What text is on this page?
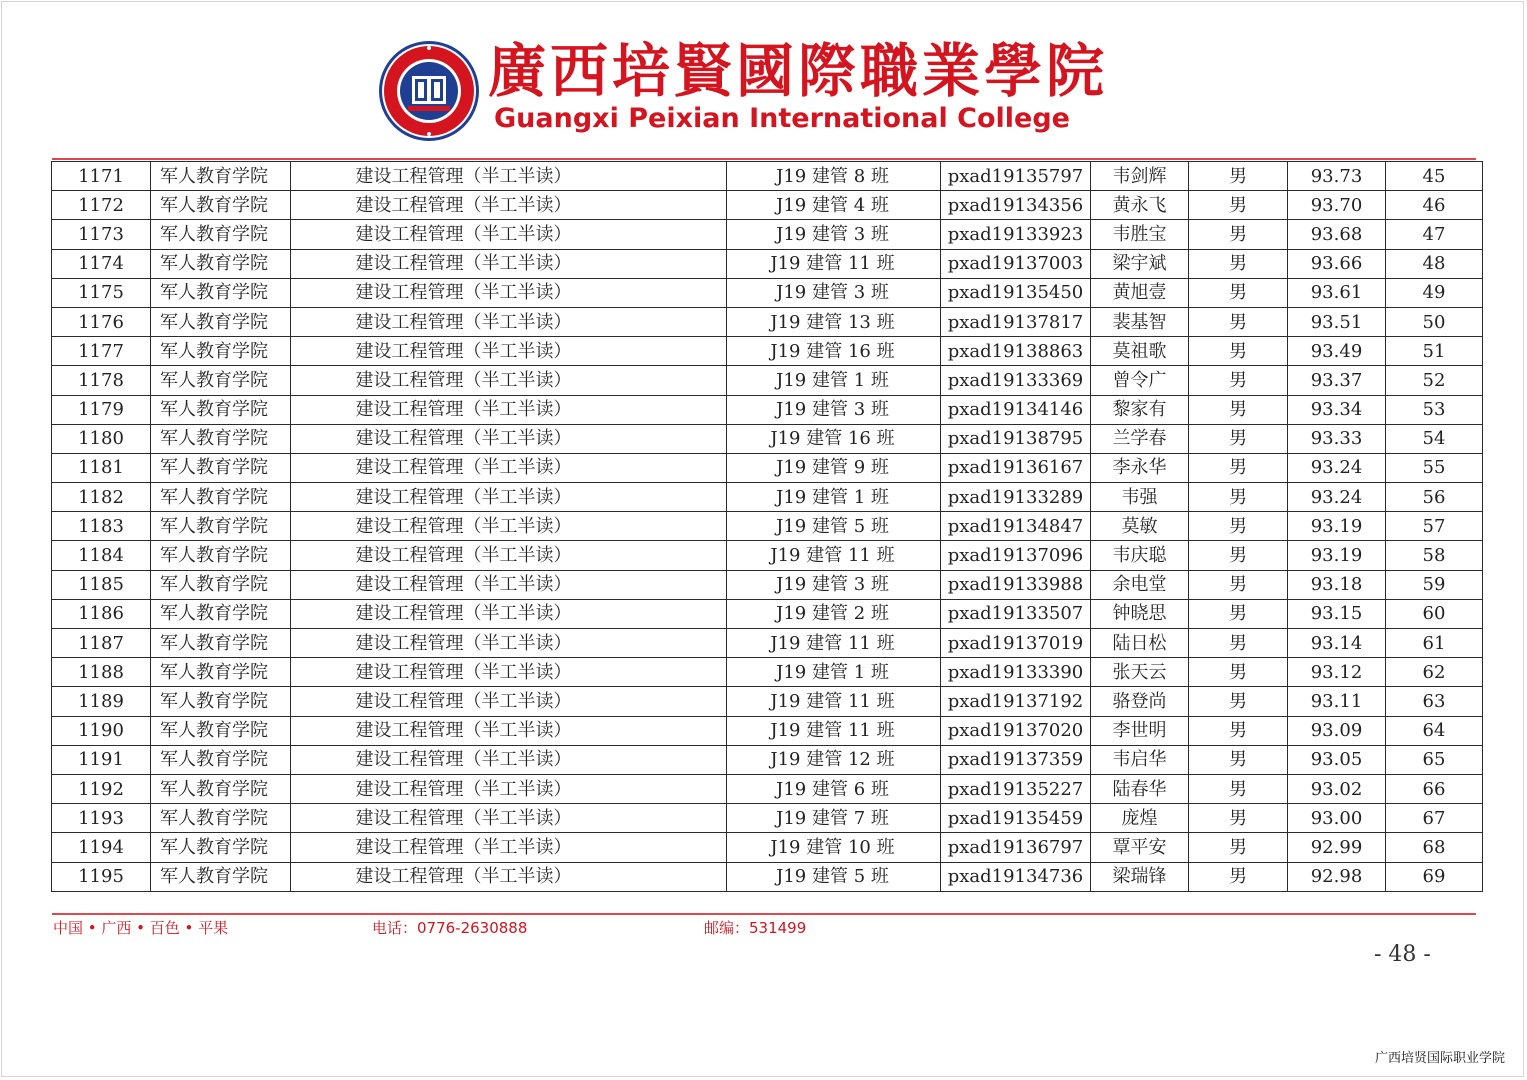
廣西培賢國際職業學院
Guangxi Peixian International College
1171	军人教育学院	建设工程管理（半工半读）	J19 建管 8 班	pxad19135797	韦剑辉	男	93.73	45
1172	军人教育学院	建设工程管理（半工半读）	J19 建管 4 班	pxad19134356	黄永飞	男	93.70	46
1173	军人教育学院	建设工程管理（半工半读）	J19 建管 3 班	pxad19133923	韦胜宝	男	93.68	47
1174	军人教育学院	建设工程管理（半工半读）	J19 建管 11 班	pxad19137003	梁宇斌	男	93.66	48
1175	军人教育学院	建设工程管理（半工半读）	J19 建管 3 班	pxad19135450	黄旭壹	男	93.61	49
1176	军人教育学院	建设工程管理（半工半读）	J19 建管 13 班	pxad19137817	裴基智	男	93.51	50
1177	军人教育学院	建设工程管理（半工半读）	J19 建管 16 班	pxad19138863	莫祖歌	男	93.49	51
1178	军人教育学院	建设工程管理（半工半读）	J19 建管 1 班	pxad19133369	曾令广	男	93.37	52
1179	军人教育学院	建设工程管理（半工半读）	J19 建管 3 班	pxad19134146	黎家有	男	93.34	53
1180	军人教育学院	建设工程管理（半工半读）	J19 建管 16 班	pxad19138795	兰学春	男	93.33	54
1181	军人教育学院	建设工程管理（半工半读）	J19 建管 9 班	pxad19136167	李永华	男	93.24	55
1182	军人教育学院	建设工程管理（半工半读）	J19 建管 1 班	pxad19133289	韦强	男	93.24	56
1183	军人教育学院	建设工程管理（半工半读）	J19 建管 5 班	pxad19134847	莫敏	男	93.19	57
1184	军人教育学院	建设工程管理（半工半读）	J19 建管 11 班	pxad19137096	韦庆聪	男	93.19	58
1185	军人教育学院	建设工程管理（半工半读）	J19 建管 3 班	pxad19133988	余电堂	男	93.18	59
1186	军人教育学院	建设工程管理（半工半读）	J19 建管 2 班	pxad19133507	钟晓思	男	93.15	60
1187	军人教育学院	建设工程管理（半工半读）	J19 建管 11 班	pxad19137019	陆日松	男	93.14	61
1188	军人教育学院	建设工程管理（半工半读）	J19 建管 1 班	pxad19133390	张天云	男	93.12	62
1189	军人教育学院	建设工程管理（半工半读）	J19 建管 11 班	pxad19137192	骆登尚	男	93.11	63
1190	军人教育学院	建设工程管理（半工半读）	J19 建管 11 班	pxad19137020	李世明	男	93.09	64
1191	军人教育学院	建设工程管理（半工半读）	J19 建管 12 班	pxad19137359	韦启华	男	93.05	65
1192	军人教育学院	建设工程管理（半工半读）	J19 建管 6 班	pxad19135227	陆春华	男	93.02	66
1193	军人教育学院	建设工程管理（半工半读）	J19 建管 7 班	pxad19135459	庞煌	男	93.00	67
1194	军人教育学院	建设工程管理（半工半读）	J19 建管 10 班	pxad19136797	覃平安	男	92.99	68
1195	军人教育学院	建设工程管理（半工半读）	J19 建管 5 班	pxad19134736	梁瑞锋	男	92.98	69
中国 • 广西 • 百色 • 平果	电话：0776-2630888	邮编：531499
- 48 -
广西培贤国际职业学院
